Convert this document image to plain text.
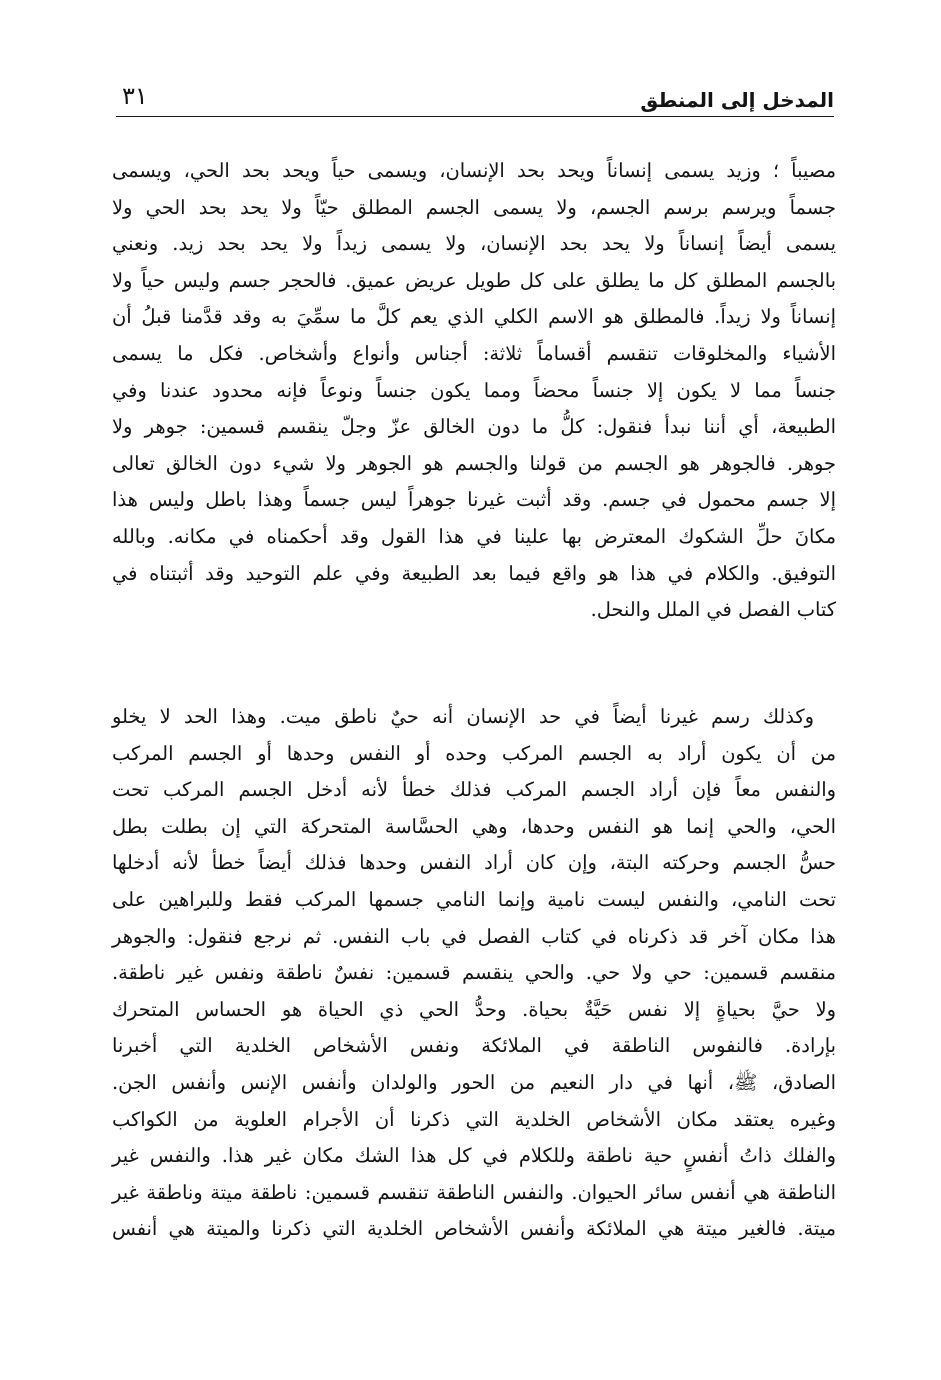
المدخل إلى المنطق
٣١
مصيباً ؛ وزيد يسمى إنساناً ويحد بحد الإنسان، ويسمى حياً ويحد بحد الحي، ويسمى
جسماً ويرسم برسم الجسم، ولا يسمى الجسم المطلق حيّاً ولا يحد بحد الحي ولا
يسمى أيضاً إنساناً ولا يحد بحد الإنسان، ولا يسمى زيداً ولا يحد بحد زيد. ونعني
بالجسم المطلق كل ما يطلق على كل طويل عريض عميق. فالحجر جسم وليس حياً ولا
إنساناً ولا زيداً. فالمطلق هو الاسم الكلي الذي يعم كلَّ ما سمِّيَ به وقد قدَّمنا قبلُ أن
الأشياء والمخلوقات تنقسم أقساماً ثلاثة: أجناس وأنواع وأشخاص. فكل ما يسمى
جنساً مما لا يكون إلا جنساً محضاً ومما يكون جنساً ونوعاً فإنه محدود عندنا وفي
الطبيعة، أي أننا نبدأ فنقول: كلُّ ما دون الخالق عزّ وجلّ ينقسم قسمين: جوهر ولا
جوهر. فالجوهر هو الجسم من قولنا والجسم هو الجوهر ولا شيء دون الخالق تعالى
إلا جسم محمول في جسم. وقد أثبت غيرنا جوهراً ليس جسماً وهذا باطل وليس هذا
مكانَ حلِّ الشكوك المعترض بها علينا في هذا القول وقد أحكمناه في مكانه. وبالله
التوفيق. والكلام في هذا هو واقع فيما بعد الطبيعة وفي علم التوحيد وقد أثبتناه في
كتاب الفصل في الملل والنحل.
وكذلك رسم غيرنا أيضاً في حد الإنسان أنه حيٌ ناطق ميت. وهذا الحد لا يخلو
من أن يكون أراد به الجسم المركب وحده أو النفس وحدها أو الجسم المركب
والنفس معاً فإن أراد الجسم المركب فذلك خطأ لأنه أدخل الجسم المركب تحت
الحي، والحي إنما هو النفس وحدها، وهي الحسَّاسة المتحركة التي إن بطلت بطل
حسُّ الجسم وحركته البتة، وإن كان أراد النفس وحدها فذلك أيضاً خطأ لأنه أدخلها
تحت النامي، والنفس ليست نامية وإنما النامي جسمها المركب فقط وللبراهين على
هذا مكان آخر قد ذكرناه في كتاب الفصل في باب النفس. ثم نرجع فنقول: والجوهر
منقسم قسمين: حي ولا حي. والحي ينقسم قسمين: نفسٌ ناطقة ونفس غير ناطقة.
ولا حيَّ بحياةٍ إلا نفس حَيَّةٌ بحياة. وحدُّ الحي ذي الحياة هو الحساس المتحرك
بإرادة. فالنفوس الناطقة في الملائكة ونفس الأشخاص الخلدية التي أخبرنا
الصادق، ﷺ، أنها في دار النعيم من الحور والولدان وأنفس الإنس وأنفس الجن.
وغيره يعتقد مكان الأشخاص الخلدية التي ذكرنا أن الأجرام العلوية من الكواكب
والفلك ذاتُ أنفسٍ حية ناطقة وللكلام في كل هذا الشك مكان غير هذا. والنفس غير
الناطقة هي أنفس سائر الحيوان. والنفس الناطقة تنقسم قسمين: ناطقة ميتة وناطقة غير
ميتة. فالغير ميتة هي الملائكة وأنفس الأشخاص الخلدية التي ذكرنا والميتة هي أنفس
